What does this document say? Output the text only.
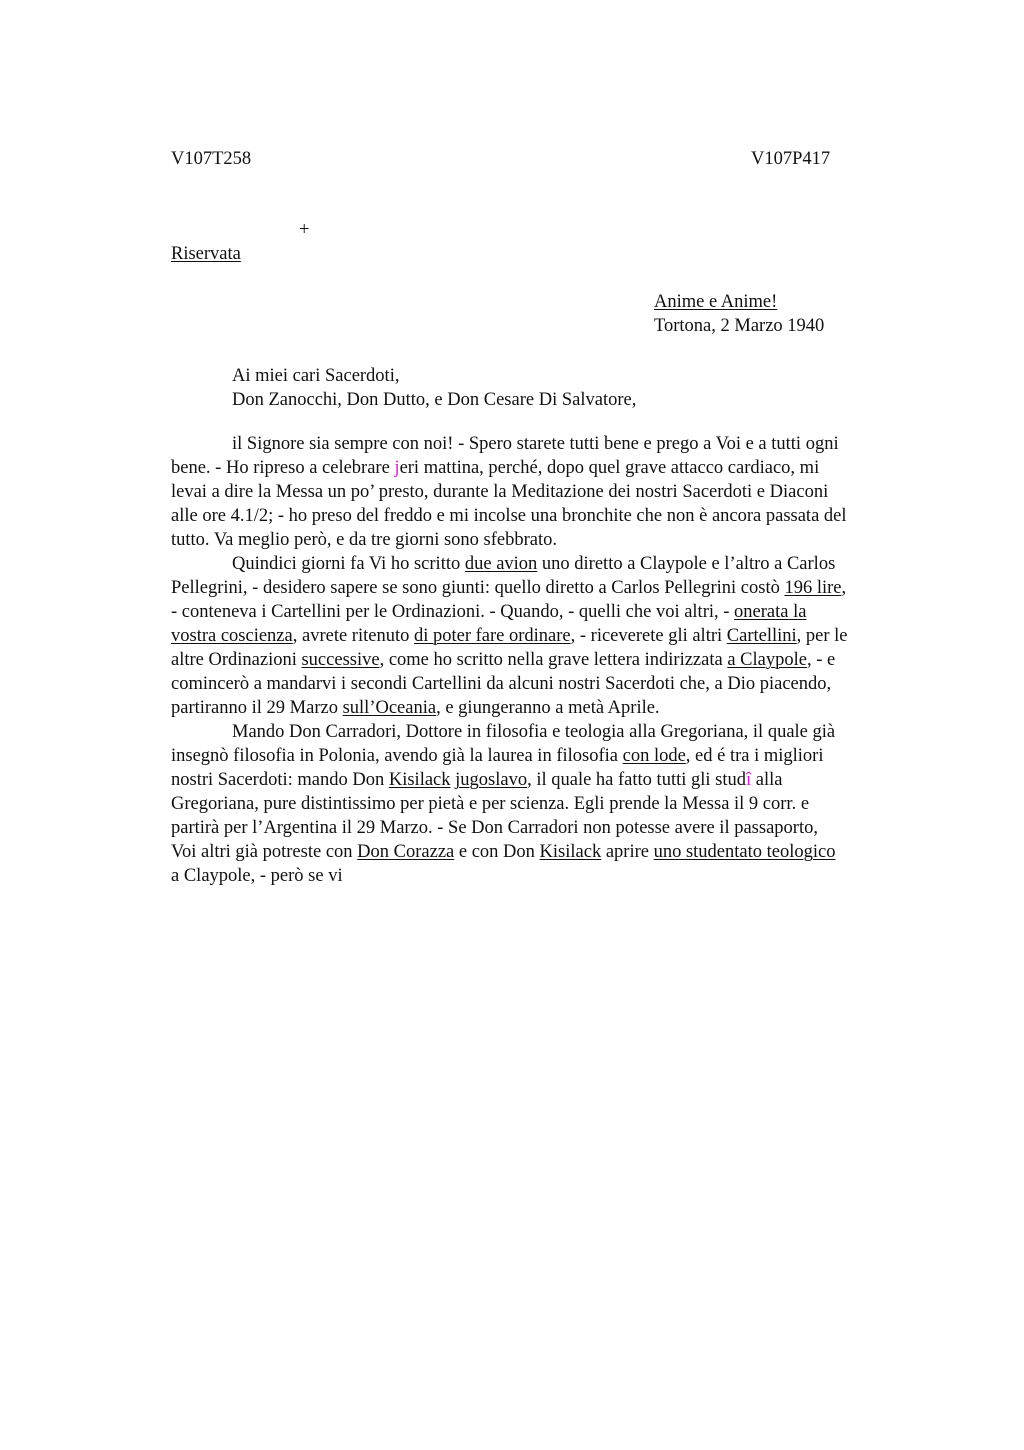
V107T258	V107P417
+
Riservata
Anime e Anime!
Tortona, 2 Marzo 1940
Ai miei cari Sacerdoti,
Don Zanocchi, Don Dutto, e Don Cesare Di Salvatore,
il Signore sia sempre con noi! - Spero starete tutti bene e prego a Voi e a tutti ogni
bene. - Ho ripreso a celebrare jeri mattina, perché, dopo quel grave attacco cardiaco, mi
levai a dire la Messa un po’ presto, durante la Meditazione dei nostri Sacerdoti e Diaconi
alle ore 4.1/2; - ho preso del freddo e mi incolse una bronchite che non è ancora passata del
tutto. Va meglio però, e da tre giorni sono sfebbrato.
Quindici giorni fa Vi ho scritto due avion uno diretto a Claypole e l’altro a Carlos
Pellegrini, - desidero sapere se sono giunti: quello diretto a Carlos Pellegrini costò 196 lire,
- conteneva i Cartellini per le Ordinazioni. - Quando, - quelli che voi altri, - onerata la
vostra coscienza, avrete ritenuto di poter fare ordinare, - riceverete gli altri Cartellini, per le
altre Ordinazioni successive, come ho scritto nella grave lettera indirizzata a Claypole, - e
comincerò a mandarvi i secondi Cartellini da alcuni nostri Sacerdoti che, a Dio piacendo,
partiranno il 29 Marzo sull’Oceania, e giungeranno a metà Aprile.
Mando Don Carradori, Dottore in filosofia e teologia alla Gregoriana, il quale già
insegnò filosofia in Polonia, avendo già la laurea in filosofia con lode, ed é tra i migliori
nostri Sacerdoti: mando Don Kisilack jugoslavo, il quale ha fatto tutti gli studî alla
Gregoriana, pure distintissimo per pietà e per scienza. Egli prende la Messa il 9 corr. e
partirà per l’Argentina il 29 Marzo. - Se Don Carradori non potesse avere il passaporto,
Voi altri già potreste con Don Corazza e con Don Kisilack aprire uno studentato teologico
a Claypole, - però se vi
